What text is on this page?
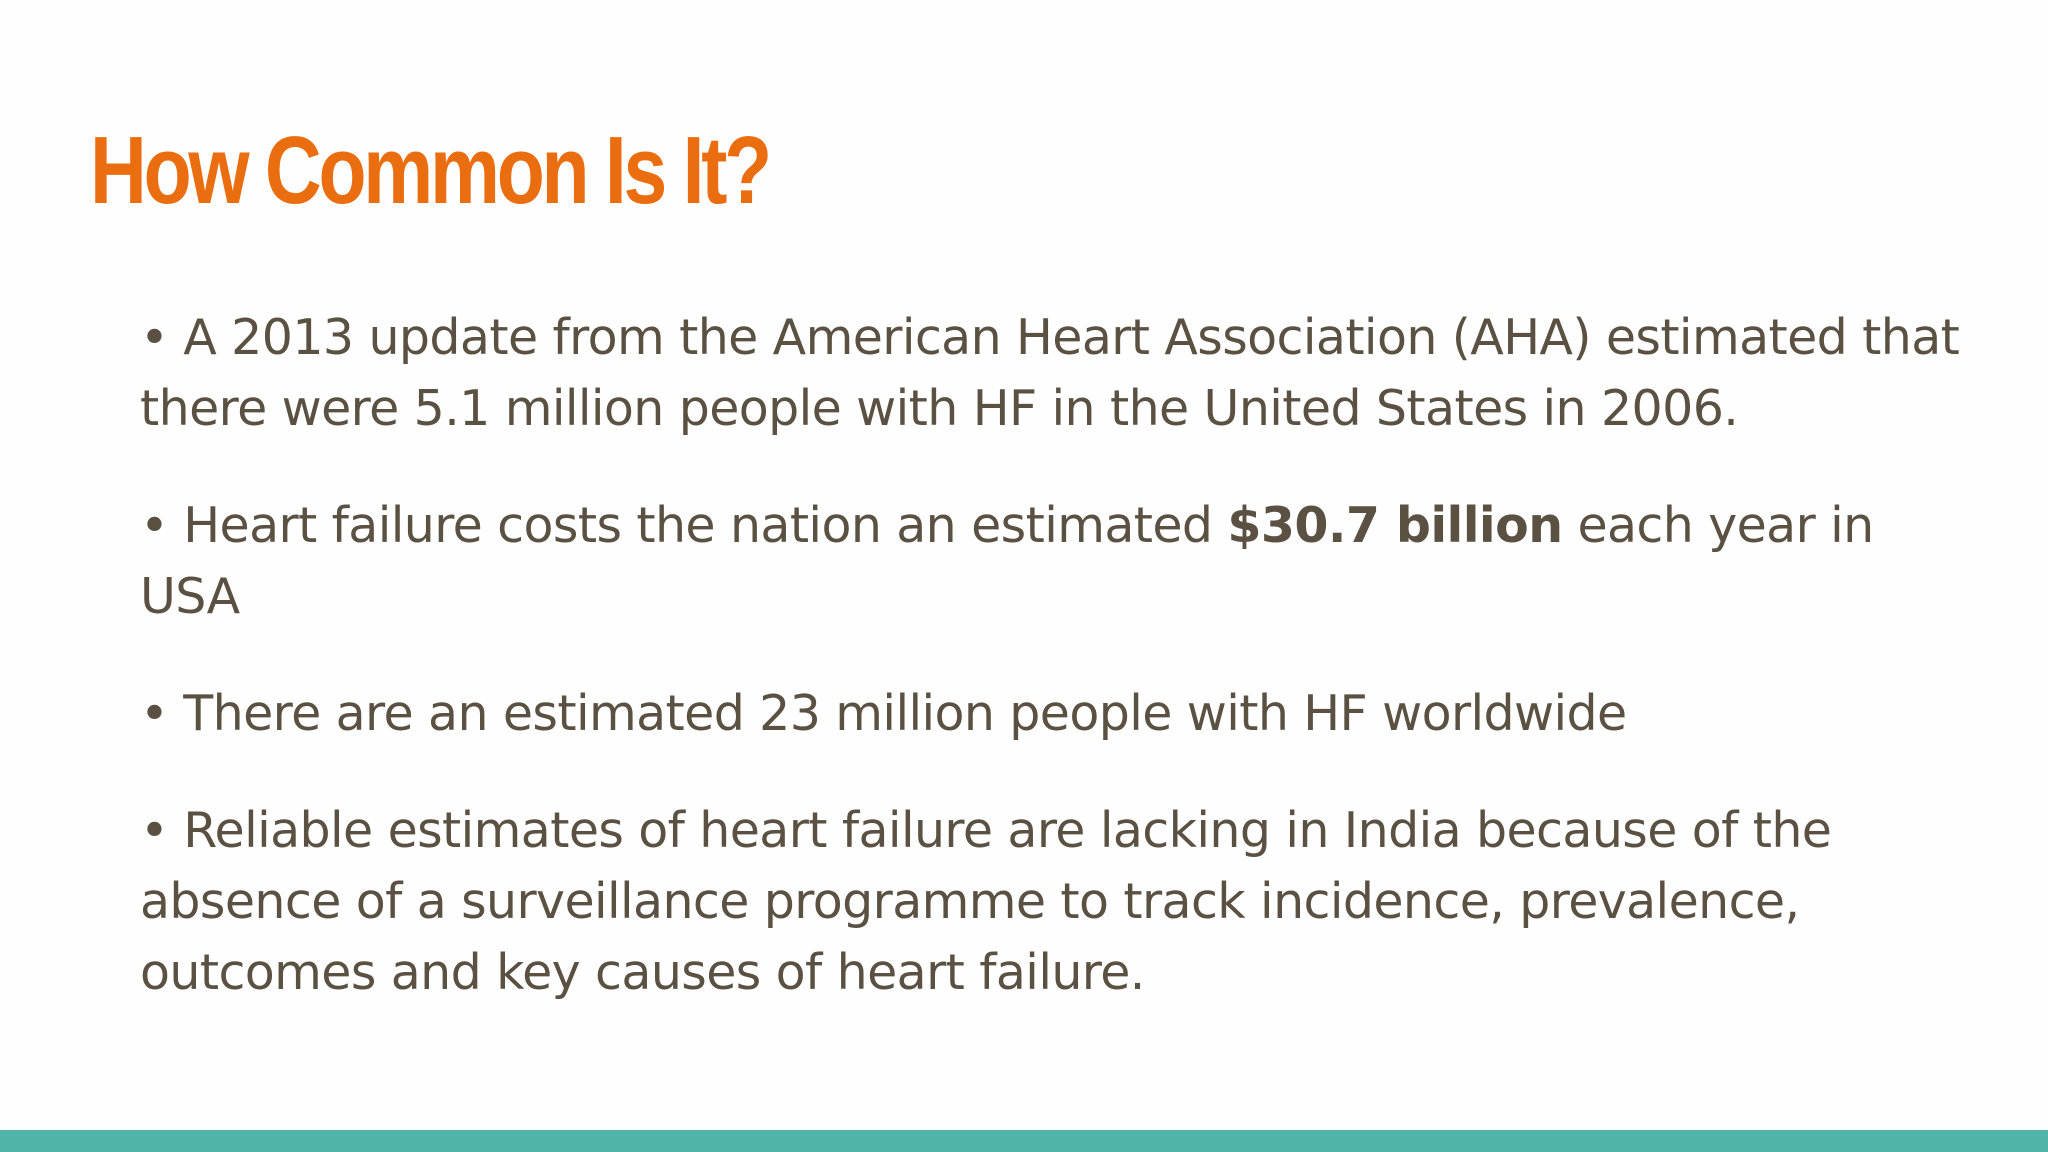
How Common Is It?

• A 2013 update from the American Heart Association (AHA) estimated that there were 5.1 million people with HF in the United States in 2006.

• Heart failure costs the nation an estimated $30.7 billion each year in USA

• There are an estimated 23 million people with HF worldwide

• Reliable estimates of heart failure are lacking in India because of the absence of a surveillance programme to track incidence, prevalence, outcomes and key causes of heart failure.
